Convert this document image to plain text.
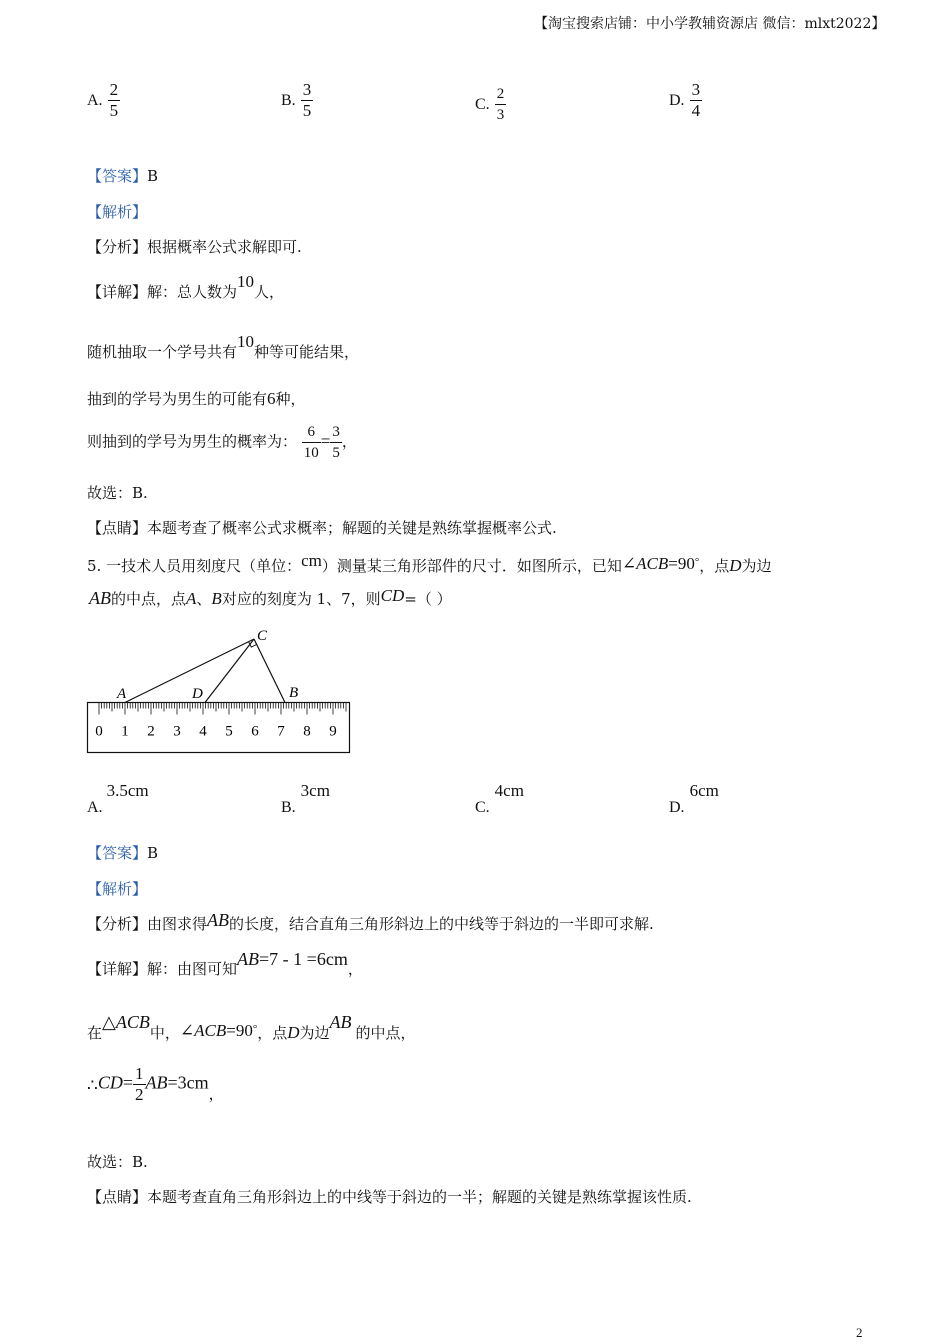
【淘宝搜索店铺：中小学教辅资源店 微信：mlxt2022】
A. $\frac{2}{5}$	B. $\frac{3}{5}$	C. $\frac{2}{3}$	D. $\frac{3}{4}$
【答案】B
【解析】
【分析】根据概率公式求解即可.
【详解】解：总人数为10人，
随机抽取一个学号共有10种等可能结果，
抽到的学号为男生的可能有6种，
则抽到的学号为男生的概率为： $\frac{6}{10} = \frac{3}{5}$ ，
故选：B.
【点睛】本题考查了概率公式求概率；解题的关键是熟练掌握概率公式.
5. 一技术人员用刻度尺（单位：cm）测量某三角形部件的尺寸．如图所示，已知∠ACB=90°，点D为边
AB的中点，点A、B对应的刻度为 1、7，则CD=（ ）
0 1 2 3 4 5 6 7 8 9
A	D	B
C
A.3.5cm
B.3cm
C.4cm
D.6cm
【答案】B
【解析】
【分析】由图求得AB的长度，结合直角三角形斜边上的中线等于斜边的一半即可求解.
【详解】解：由图可知AB=7 - 1 =6cm，
在△ACB中，∠ACB=90°，点D为边AB的中点，
∴CD= $\frac{1}{2} AB=3cm$，
故选：B.
【点睛】本题考查直角三角形斜边上的中线等于斜边的一半；解题的关键是熟练掌握该性质.
2
